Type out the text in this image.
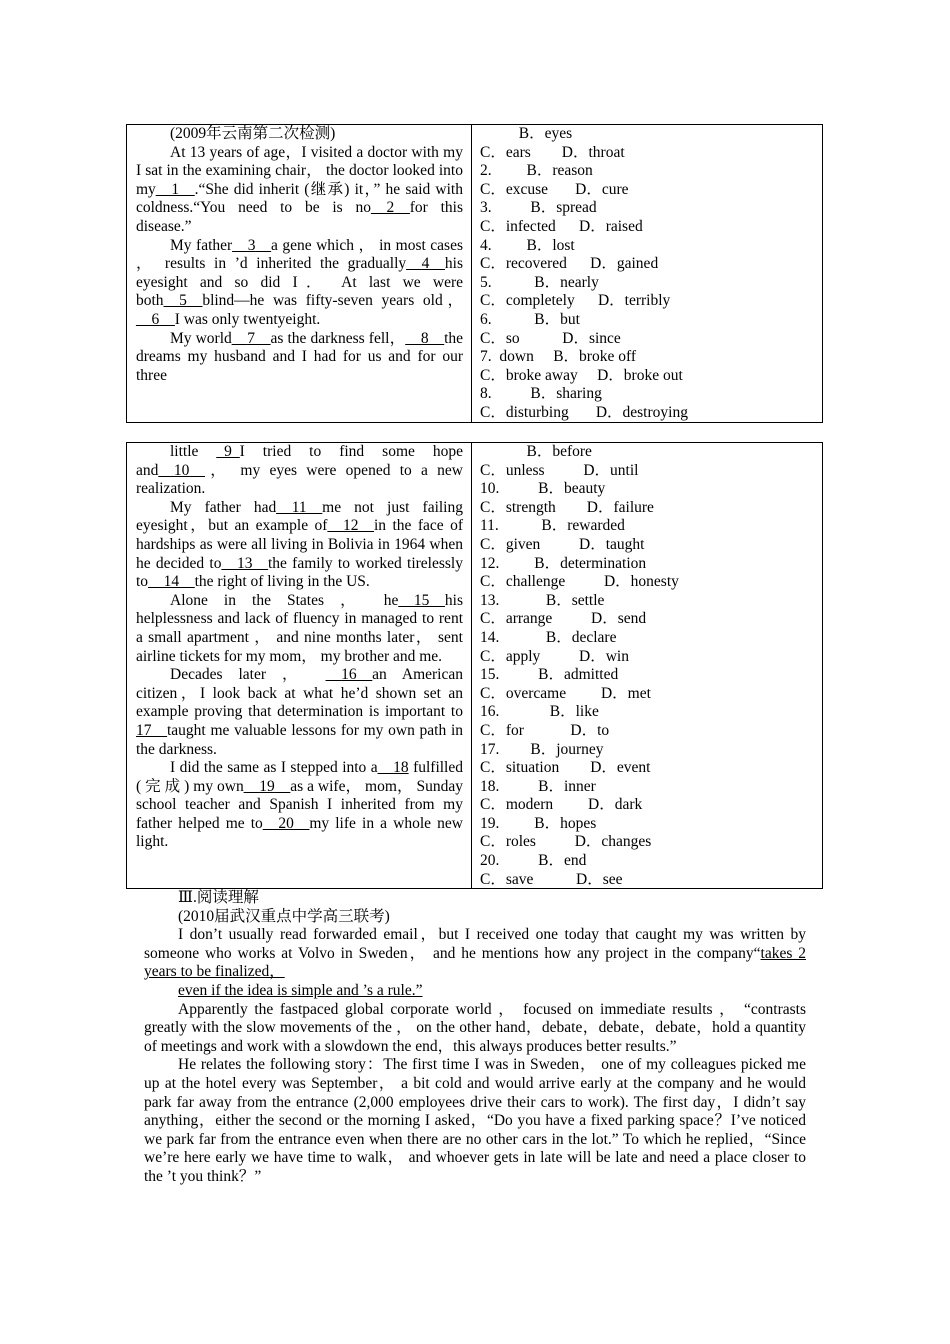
(2009年云南第二次检测)

At 13 years of age，I visited a doctor with my I sat in the examining chair， the doctor looked into my__1__.“She did inherit (继承) it，” he said with coldness.“You need to be is no__2__for this disease.”

My father__3__a gene which ， in most cases ， results in ’d inherited the gradually__4__his eyesight and so did I． At last we were both__5__blind—he was fifty-seven years old，__6__I was only twentyeight.

My world__7__as the darkness fell，__8__the dreams my husband and I had for us and for our three

B．eyes

C．ears        D．throat

2.         B．reason

C．excuse       D．cure

3.          B．spread

C．infected      D．raised

4.         B．lost

C．recovered      D．gained

5.           B．nearly

C．completely      D．terribly

6.           B．but

C．so           D．since

7.  down     B．broke off

C．broke away     D．broke out

8.          B．sharing

C．disturbing       D．destroying

little _9_I tried to find some hope and__10__， my eyes were opened to a new realization.

My father had__11__me not just failing eyesight，but an example of__12__in the face of hardships as were all living in Bolivia in 1964 when he decided to__13__the family to worked tirelessly to__14__the right of living in the US.

Alone in the States ， he__15__his helplessness and lack of fluency in managed to rent a small apartment ， and nine months later， sent airline tickets for my mom， my brother and me.

Decades later ， __16__an American citizen，I look back at what he’d shown set an example proving that determination is important to 17__taught me valuable lessons for my own path in the darkness.

I did the same as I stepped into a__18 fulfilled ( 完 成 ) my own__19__as a wife， mom， Sunday school teacher and Spanish I inherited from my father helped me to__20__my life in a whole new light.

B．before

C．unless          D．until

10.          B．beauty

C．strength        D．failure

11.           B．rewarded

C．given          D．taught

12.         B．determination

C．challenge          D．honesty

13.            B．settle

C．arrange          D．send

14.            B．declare

C．apply          D．win

15.          B．admitted

C．overcame         D．met

16.             B．like

C．for            D．to

17.        B．journey

C．situation        D．event

18.          B．inner

C．modern         D．dark

19.         B．hopes

C．roles          D．changes

20.          B．end

C．save           D．see

Ⅲ.阅读理解

(2010届武汉重点中学高三联考)

I don’t usually read forwarded email，but I received one today that caught my was written by someone who works at Volvo in Sweden， and he mentions how any project in the company“takes 2 years to be finalized，

even if the idea is simple and ’s a rule.”

Apparently the fastpaced global corporate world ， focused on immediate results ， “contrasts greatly with the slow movements of the ， on the other hand，debate，debate，debate，hold a quantity of meetings and work with a slowdown the end，this always produces better results.”

He relates the following story：The first time I was in Sweden， one of my colleagues picked me up at the hotel every was September， a bit cold and would arrive early at the company and he would park far away from the entrance (2,000 employees drive their cars to work). The first day，I didn’t say anything，either the second or the morning I asked，“Do you have a fixed parking space？I’ve noticed we park far from the entrance even when there are no other cars in the lot.” To which he replied，“Since we’re here early we have time to walk， and whoever gets in late will be late and need a place closer to the ’t you think？”
